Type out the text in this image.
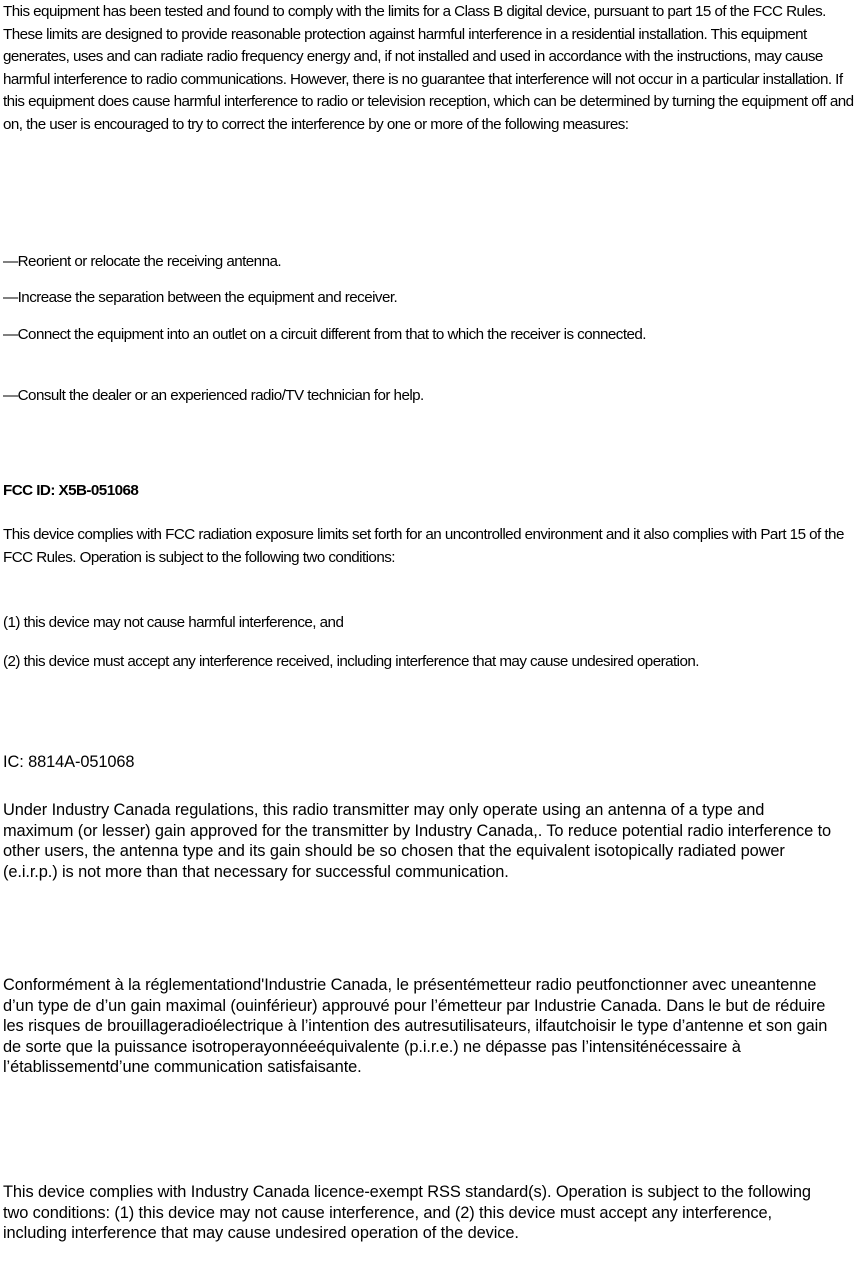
This equipment has been tested and found to comply with the limits for a Class B digital device, pursuant to part 15 of the FCC Rules. These limits are designed to provide reasonable protection against harmful interference in a residential installation. This equipment generates, uses and can radiate radio frequency energy and, if not installed and used in accordance with the instructions, may cause harmful interference to radio communications. However, there is no guarantee that interference will not occur in a particular installation. If this equipment does cause harmful interference to radio or television reception, which can be determined by turning the equipment off and on, the user is encouraged to try to correct the interference by one or more of the following measures:

—Reorient or relocate the receiving antenna.

—Increase the separation between the equipment and receiver.

—Connect the equipment into an outlet on a circuit different from that to which the receiver is connected.

—Consult the dealer or an experienced radio/TV technician for help.

FCC ID: X5B-051068

This device complies with FCC radiation exposure limits set forth for an uncontrolled environment and it also complies with Part 15 of the FCC Rules. Operation is subject to the following two conditions:

(1) this device may not cause harmful interference, and

(2) this device must accept any interference received, including interference that may cause undesired operation.

IC: 8814A-051068

Under Industry Canada regulations, this radio transmitter may only operate using an antenna of a type and maximum (or lesser) gain approved for the transmitter by Industry Canada,. To reduce potential radio interference to other users, the antenna type and its gain should be so chosen that the equivalent isotopically radiated power (e.i.r.p.) is not more than that necessary for successful communication.

Conformément à la réglementationd'Industrie Canada, le présentémetteur radio peutfonctionner avec uneantenne d’un type de d’un gain maximal (ouinférieur) approuvé pour l’émetteur par Industrie Canada. Dans le but de réduire les risques de brouillageradioélectrique à l’intention des autresutilisateurs, ilfautchoisir le type d’antenne et son gain de sorte que la puissance isotroperayonnéeéquivalente (p.i.r.e.) ne dépasse pas l’intensiténécessaire à l’établissementd’une communication satisfaisante.

This device complies with Industry Canada licence-exempt RSS standard(s). Operation is subject to the following two conditions: (1) this device may not cause interference, and (2) this device must accept any interference, including interference that may cause undesired operation of the device.
